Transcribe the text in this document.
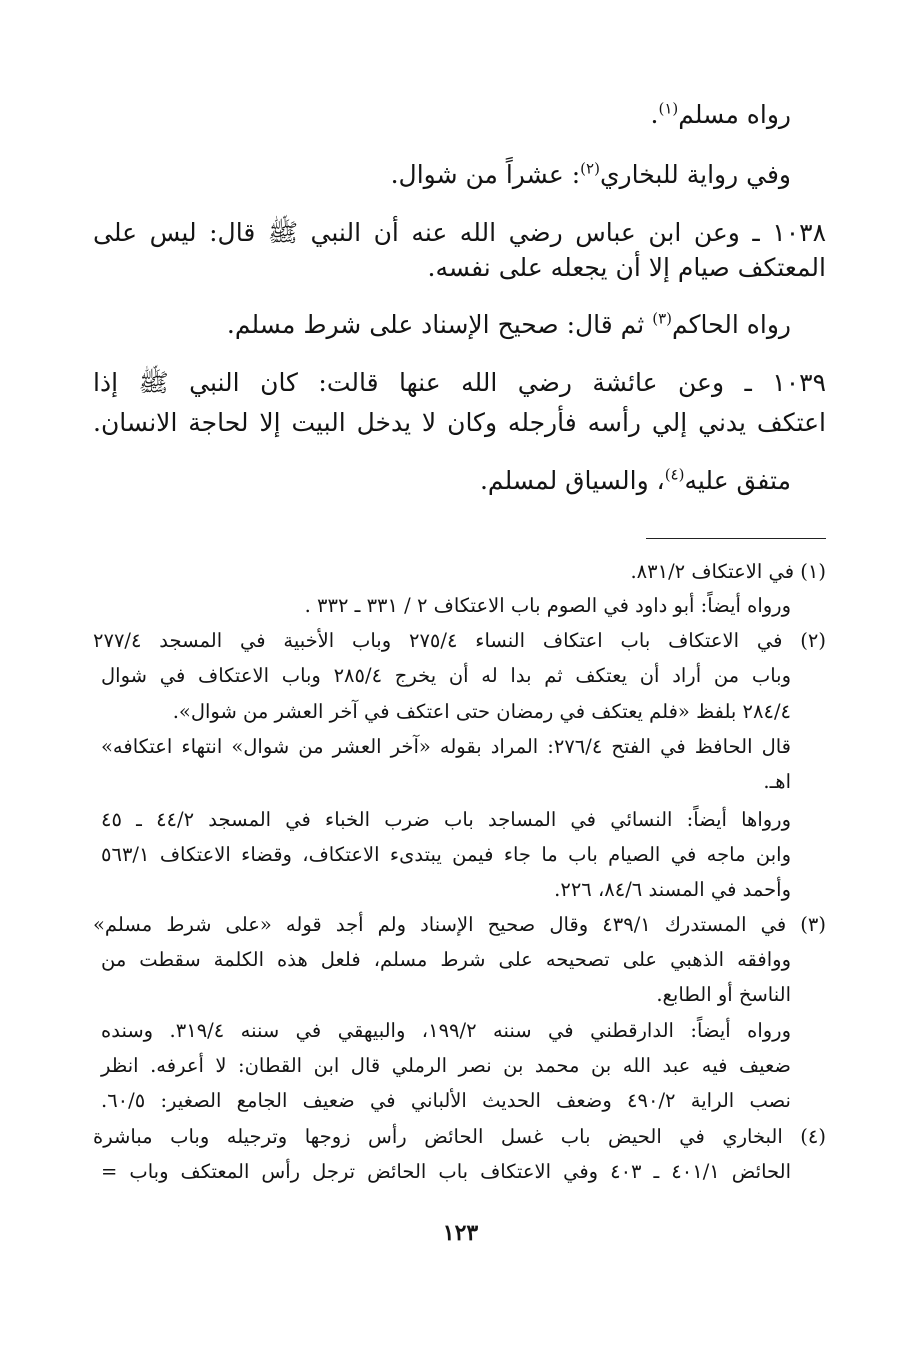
رواه مسلم$^{(١)}$.
وفي رواية للبخاري$^{(٢)}$: عشراً من شوال.
١٠٣٨ ـ وعن ابن عباس رضي الله عنه أن النبي ﷺ قال: ليس على
المعتكف صيام إلا أن يجعله على نفسه.
رواه الحاكم$^{(٣)}$ ثم قال: صحيح الإسناد على شرط مسلم.
١٠٣٩ ـ وعن عائشة رضي الله عنها قالت: كان النبي ﷺ إذا
اعتكف يدني إلي رأسه فأرجله وكان لا يدخل البيت إلا لحاجة الانسان.
متفق عليه$^{(٤)}$، والسياق لمسلم.
(١) في الاعتكاف ٨٣١/٢.
ورواه أيضاً: أبو داود في الصوم باب الاعتكاف ٢ / ٣٣١ ـ ٣٣٢ .
(٢) في الاعتكاف باب اعتكاف النساء ٢٧٥/٤ وباب الأخبية في المسجد ٢٧٧/٤
وباب من أراد أن يعتكف ثم بدا له أن يخرج ٢٨٥/٤ وباب الاعتكاف في شوال
٢٨٤/٤ بلفظ «فلم يعتكف في رمضان حتى اعتكف في آخر العشر من شوال».
قال الحافظ في الفتح ٢٧٦/٤: المراد بقوله «آخر العشر من شوال» انتهاء اعتكافه»
اهـ.
ورواها أيضاً: النسائي في المساجد باب ضرب الخباء في المسجد ٤٤/٢ ـ ٤٥
وابن ماجه في الصيام باب ما جاء فيمن يبتدىء الاعتكاف، وقضاء الاعتكاف ٥٦٣/١
وأحمد في المسند ٨٤/٦، ٢٢٦.
(٣) في المستدرك ٤٣٩/١ وقال صحيح الإسناد ولم أجد قوله «على شرط مسلم»
ووافقه الذهبي على تصحيحه على شرط مسلم، فلعل هذه الكلمة سقطت من
الناسخ أو الطابع.
ورواه أيضاً: الدارقطني في سننه ١٩٩/٢، والبيهقي في سننه ٣١٩/٤. وسنده
ضعيف فيه عبد الله بن محمد بن نصر الرملي قال ابن القطان: لا أعرفه. انظر
نصب الراية ٤٩٠/٢ وضعف الحديث الألباني في ضعيف الجامع الصغير: ٦٠/٥.
(٤) البخاري في الحيض باب غسل الحائض رأس زوجها وترجيله وباب مباشرة
الحائض ٤٠١/١ ـ ٤٠٣ وفي الاعتكاف باب الحائض ترجل رأس المعتكف وباب =
١٢٣
